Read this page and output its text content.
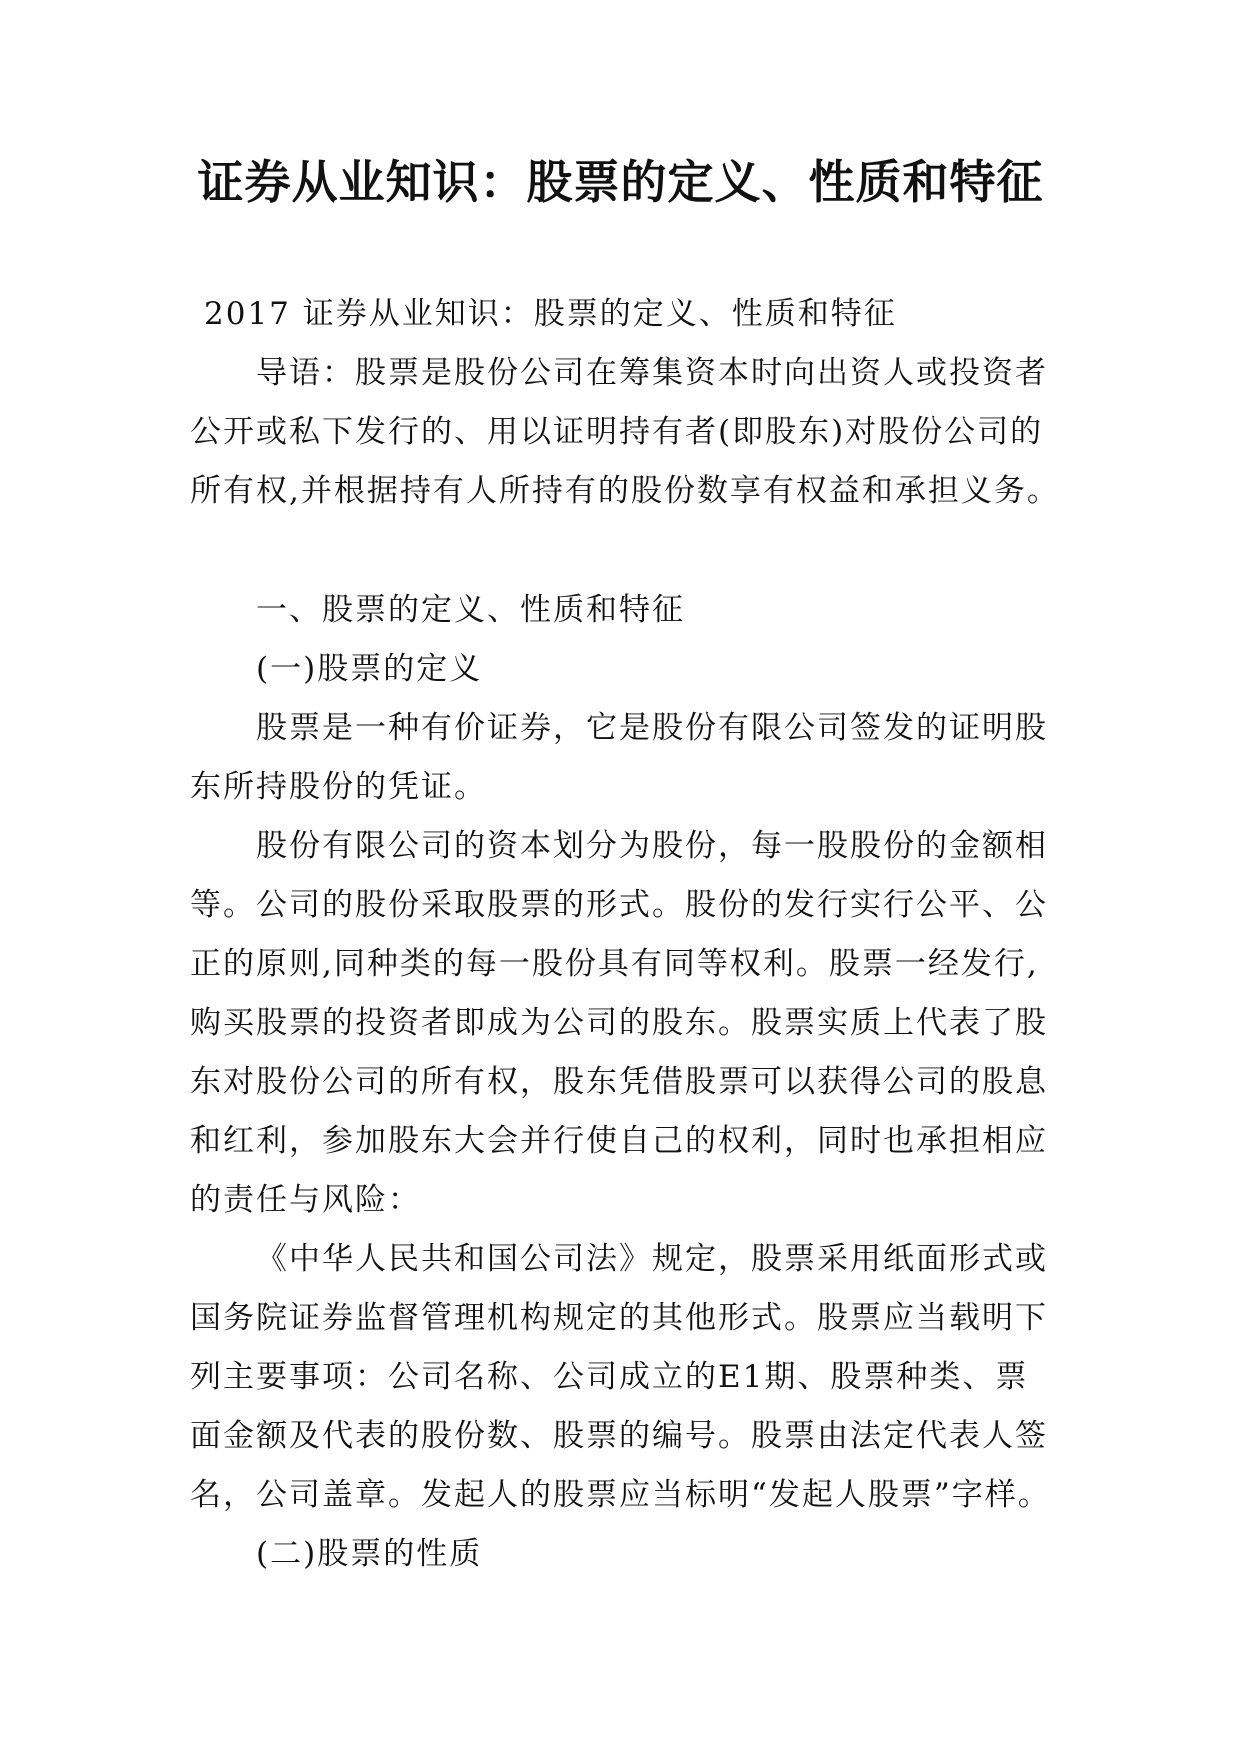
证券从业知识：股票的定义、性质和特征

2017 证券从业知识：股票的定义、性质和特征

导语：股票是股份公司在筹集资本时向出资人或投资者

公开或私下发行的、用以证明持有者(即股东)对股份公司的

所有权,并根据持有人所持有的股份数享有权益和承担义务。

一、股票的定义、性质和特征

(一)股票的定义

股票是一种有价证券，它是股份有限公司签发的证明股

东所持股份的凭证。

股份有限公司的资本划分为股份，每一股股份的金额相

等。公司的股份采取股票的形式。股份的发行实行公平、公

正的原则,同种类的每一股份具有同等权利。股票一经发行,

购买股票的投资者即成为公司的股东。股票实质上代表了股

东对股份公司的所有权，股东凭借股票可以获得公司的股息

和红利，参加股东大会并行使自己的权利，同时也承担相应

的责任与风险：

《中华人民共和国公司法》规定，股票采用纸面形式或

国务院证券监督管理机构规定的其他形式。股票应当载明下

列主要事项：公司名称、公司成立的E1期、股票种类、票

面金额及代表的股份数、股票的编号。股票由法定代表人签

名，公司盖章。发起人的股票应当标明“发起人股票”字样。

(二)股票的性质
